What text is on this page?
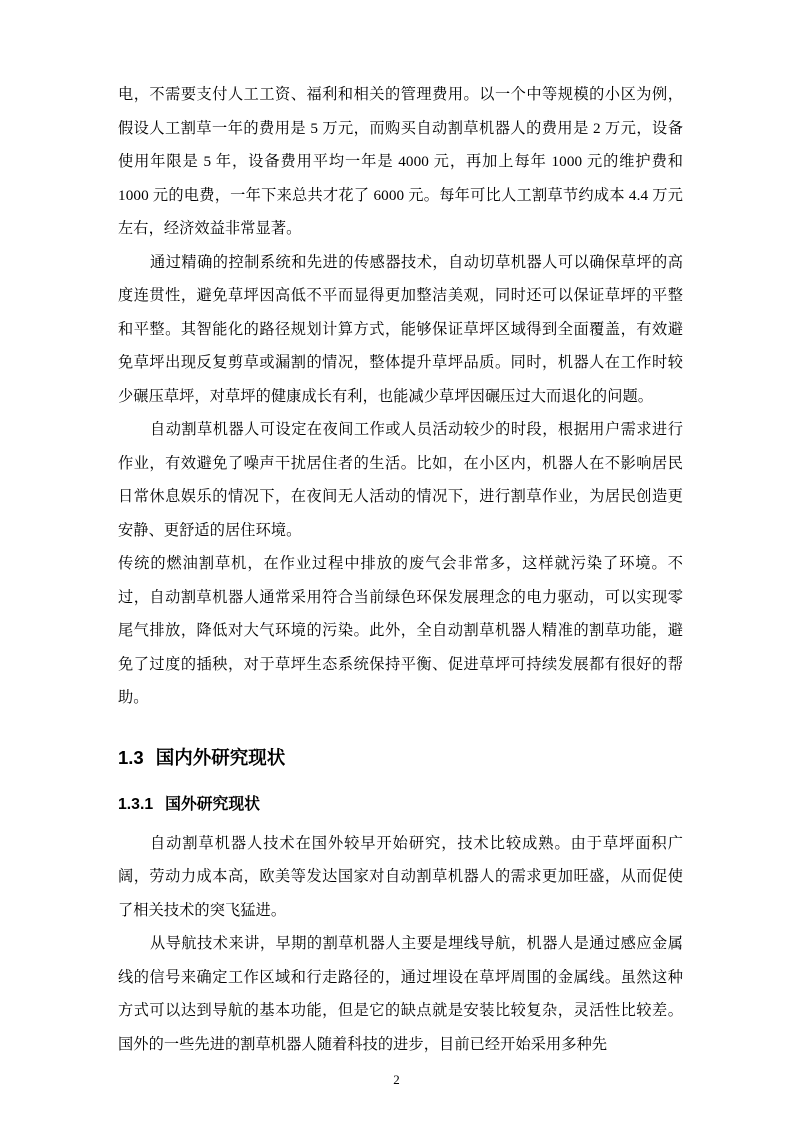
电，不需要支付人工工资、福利和相关的管理费用。以一个中等规模的小区为例，假设人工割草一年的费用是 5 万元，而购买自动割草机器人的费用是 2 万元，设备使用年限是 5 年，设备费用平均一年是 4000 元，再加上每年 1000 元的维护费和 1000 元的电费，一年下来总共才花了 6000 元。每年可比人工割草节约成本 4.4 万元左右，经济效益非常显著。

通过精确的控制系统和先进的传感器技术，自动切草机器人可以确保草坪的高度连贯性，避免草坪因高低不平而显得更加整洁美观，同时还可以保证草坪的平整和平整。其智能化的路径规划计算方式，能够保证草坪区域得到全面覆盖，有效避免草坪出现反复剪草或漏割的情况，整体提升草坪品质。同时，机器人在工作时较少碾压草坪，对草坪的健康成长有利，也能减少草坪因碾压过大而退化的问题。

自动割草机器人可设定在夜间工作或人员活动较少的时段，根据用户需求进行作业，有效避免了噪声干扰居住者的生活。比如，在小区内，机器人在不影响居民日常休息娱乐的情况下，在夜间无人活动的情况下，进行割草作业，为居民创造更安静、更舒适的居住环境。

传统的燃油割草机，在作业过程中排放的废气会非常多，这样就污染了环境。不过，自动割草机器人通常采用符合当前绿色环保发展理念的电力驱动，可以实现零尾气排放，降低对大气环境的污染。此外，全自动割草机器人精准的割草功能，避免了过度的插秧，对于草坪生态系统保持平衡、促进草坪可持续发展都有很好的帮助。

1.3 国内外研究现状
1.3.1 国外研究现状

自动割草机器人技术在国外较早开始研究，技术比较成熟。由于草坪面积广阔，劳动力成本高，欧美等发达国家对自动割草机器人的需求更加旺盛，从而促使了相关技术的突飞猛进。

从导航技术来讲，早期的割草机器人主要是埋线导航，机器人是通过感应金属线的信号来确定工作区域和行走路径的，通过埋设在草坪周围的金属线。虽然这种方式可以达到导航的基本功能，但是它的缺点就是安装比较复杂，灵活性比较差。国外的一些先进的割草机器人随着科技的进步，目前已经开始采用多种先

2
